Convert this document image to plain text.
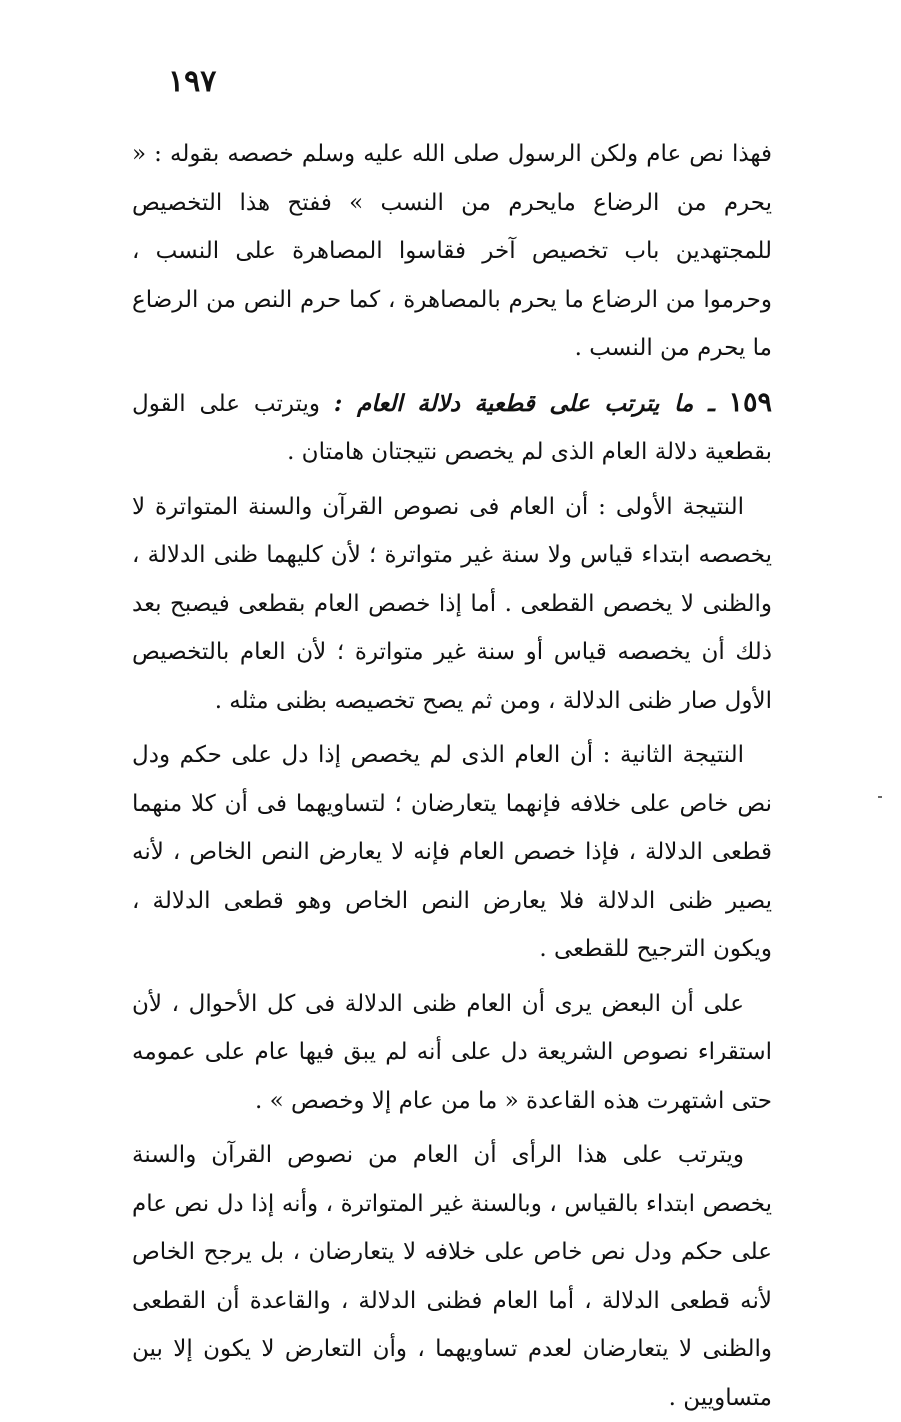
١٩٧

فهذا نص عام ولكن الرسول صلى الله عليه وسلم خصصه بقوله : « يحرم من الرضاع مايحرم من النسب » ففتح هذا التخصيص للمجتهدين باب تخصيص آخر فقاسوا المصاهرة على النسب ، وحرموا من الرضاع ما يحرم بالمصاهرة ، كما حرم النص من الرضاع ما يحرم من النسب .

١٥٩ ـ ما يترتب على قطعية دلالة العام : ويترتب على القول بقطعية دلالة العام الذى لم يخصص نتيجتان هامتان .

النتيجة الأولى : أن العام فى نصوص القرآن والسنة المتواترة لا يخصصه ابتداء قياس ولا سنة غير متواترة ؛ لأن كليهما ظنى الدلالة ، والظنى لا يخصص القطعى . أما إذا خصص العام بقطعى فيصبح بعد ذلك أن يخصصه قياس أو سنة غير متواترة ؛ لأن العام بالتخصيص الأول صار ظنى الدلالة ، ومن ثم يصح تخصيصه بظنى مثله .

النتيجة الثانية : أن العام الذى لم يخصص إذا دل على حكم ودل نص خاص على خلافه فإنهما يتعارضان ؛ لتساويهما فى أن كلا منهما قطعى الدلالة ، فإذا خصص العام فإنه لا يعارض النص الخاص ، لأنه يصير ظنى الدلالة فلا يعارض النص الخاص وهو قطعى الدلالة ، ويكون الترجيح للقطعى .

على أن البعض يرى أن العام ظنى الدلالة فى كل الأحوال ، لأن استقراء نصوص الشريعة دل على أنه لم يبق فيها عام على عمومه حتى اشتهرت هذه القاعدة « ما من عام إلا وخصص » .

ويترتب على هذا الرأى أن العام من نصوص القرآن والسنة يخصص ابتداء بالقياس ، وبالسنة غير المتواترة ، وأنه إذا دل نص عام على حكم ودل نص خاص على خلافه لا يتعارضان ، بل يرجح الخاص لأنه قطعى الدلالة ، أما العام فظنى الدلالة ، والقاعدة أن القطعى والظنى لا يتعارضان لعدم تساويهما ، وأن التعارض لا يكون إلا بين متساويين .
